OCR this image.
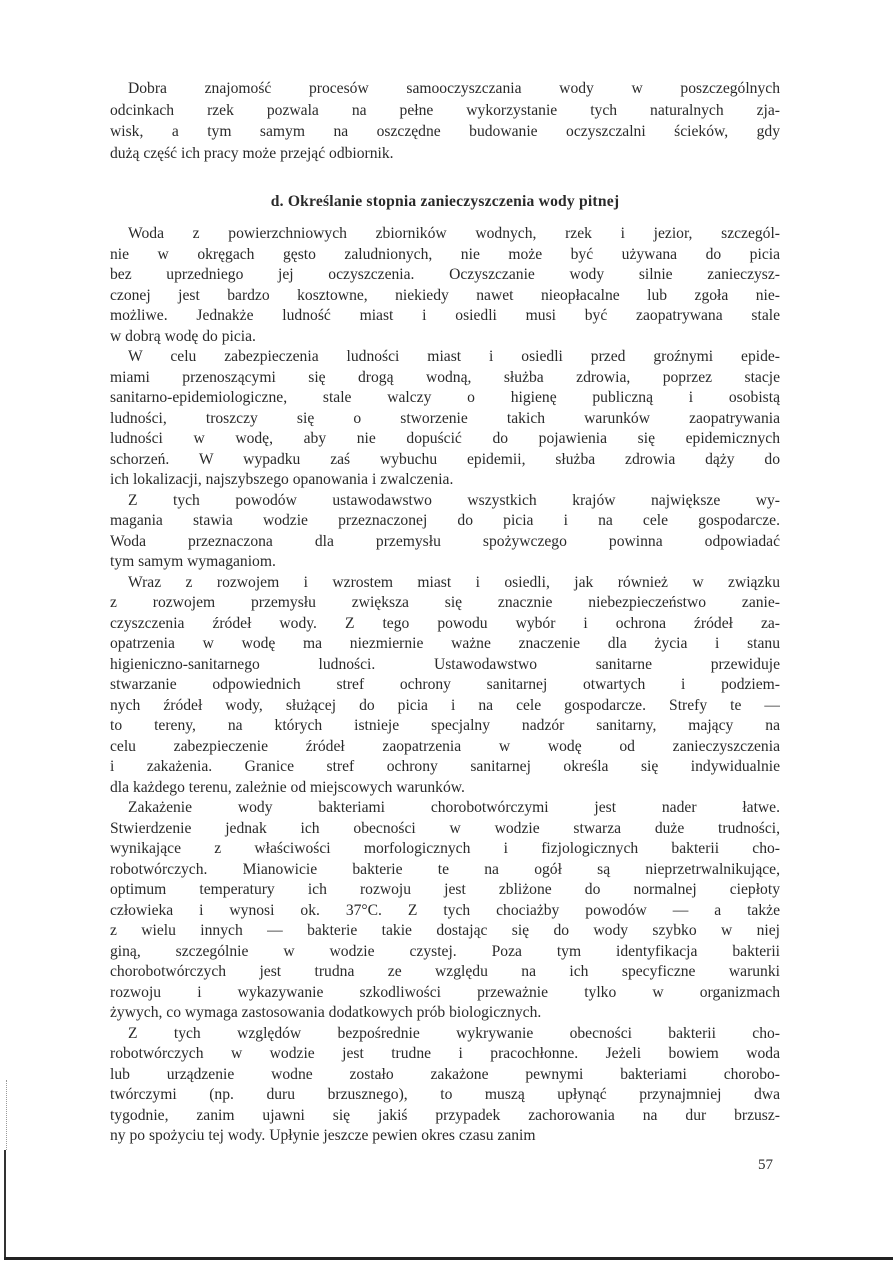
Dobra znajomość procesów samooczyszczania wody w poszczególnych
odcinkach rzek pozwala na pełne wykorzystanie tych naturalnych zja-
wisk, a tym samym na oszczędne budowanie oczyszczalni ścieków, gdy
dużą część ich pracy może przejąć odbiornik.
d. Określanie stopnia zanieczyszczenia wody pitnej
Woda z powierzchniowych zbiorników wodnych, rzek i jezior, szczegól-
nie w okręgach gęsto zaludnionych, nie może być używana do picia
bez uprzedniego jej oczyszczenia. Oczyszczanie wody silnie zanieczysz-
czonej jest bardzo kosztowne, niekiedy nawet nieopłacalne lub zgoła nie-
możliwe. Jednakże ludność miast i osiedli musi być zaopatrywana stale
w dobrą wodę do picia.
W celu zabezpieczenia ludności miast i osiedli przed groźnymi epide-
miami przenoszącymi się drogą wodną, służba zdrowia, poprzez stacje
sanitarno-epidemiologiczne, stale walczy o higienę publiczną i osobistą
ludności, troszczy się o stworzenie takich warunków zaopatrywania
ludności w wodę, aby nie dopuścić do pojawienia się epidemicznych
schorzeń. W wypadku zaś wybuchu epidemii, służba zdrowia dąży do
ich lokalizacji, najszybszego opanowania i zwalczenia.
Z tych powodów ustawodawstwo wszystkich krajów największe wy-
magania stawia wodzie przeznaczonej do picia i na cele gospodarcze.
Woda przeznaczona dla przemysłu spożywczego powinna odpowiadać
tym samym wymaganiom.
Wraz z rozwojem i wzrostem miast i osiedli, jak również w związku
z rozwojem przemysłu zwiększa się znacznie niebezpieczeństwo zanie-
czyszczenia źródeł wody. Z tego powodu wybór i ochrona źródeł za-
opatrzenia w wodę ma niezmiernie ważne znaczenie dla życia i stanu
higieniczno-sanitarnego ludności. Ustawodawstwo sanitarne przewiduje
stwarzanie odpowiednich stref ochrony sanitarnej otwartych i podziem-
nych źródeł wody, służącej do picia i na cele gospodarcze. Strefy te —
to tereny, na których istnieje specjalny nadzór sanitarny, mający na
celu zabezpieczenie źródeł zaopatrzenia w wodę od zanieczyszczenia
i zakażenia. Granice stref ochrony sanitarnej określa się indywidualnie
dla każdego terenu, zależnie od miejscowych warunków.
Zakażenie wody bakteriami chorobotwórczymi jest nader łatwe.
Stwierdzenie jednak ich obecności w wodzie stwarza duże trudności,
wynikające z właściwości morfologicznych i fizjologicznych bakterii cho-
robotwórczych. Mianowicie bakterie te na ogół są nieprzetrwalnikujące,
optimum temperatury ich rozwoju jest zbliżone do normalnej ciepłoty
człowieka i wynosi ok. 37°C. Z tych chociażby powodów — a także
z wielu innych — bakterie takie dostając się do wody szybko w niej
giną, szczególnie w wodzie czystej. Poza tym identyfikacja bakterii
chorobotwórczych jest trudna ze względu na ich specyficzne warunki
rozwoju i wykazywanie szkodliwości przeważnie tylko w organizmach
żywych, co wymaga zastosowania dodatkowych prób biologicznych.
Z tych względów bezpośrednie wykrywanie obecności bakterii cho-
robotwórczych w wodzie jest trudne i pracochłonne. Jeżeli bowiem woda
lub urządzenie wodne zostało zakażone pewnymi bakteriami chorobo-
twórczymi (np. duru brzusznego), to muszą upłynąć przynajmniej dwa
tygodnie, zanim ujawni się jakiś przypadek zachorowania na dur brzusz-
ny po spożyciu tej wody. Upłynie jeszcze pewien okres czasu zanim
57
